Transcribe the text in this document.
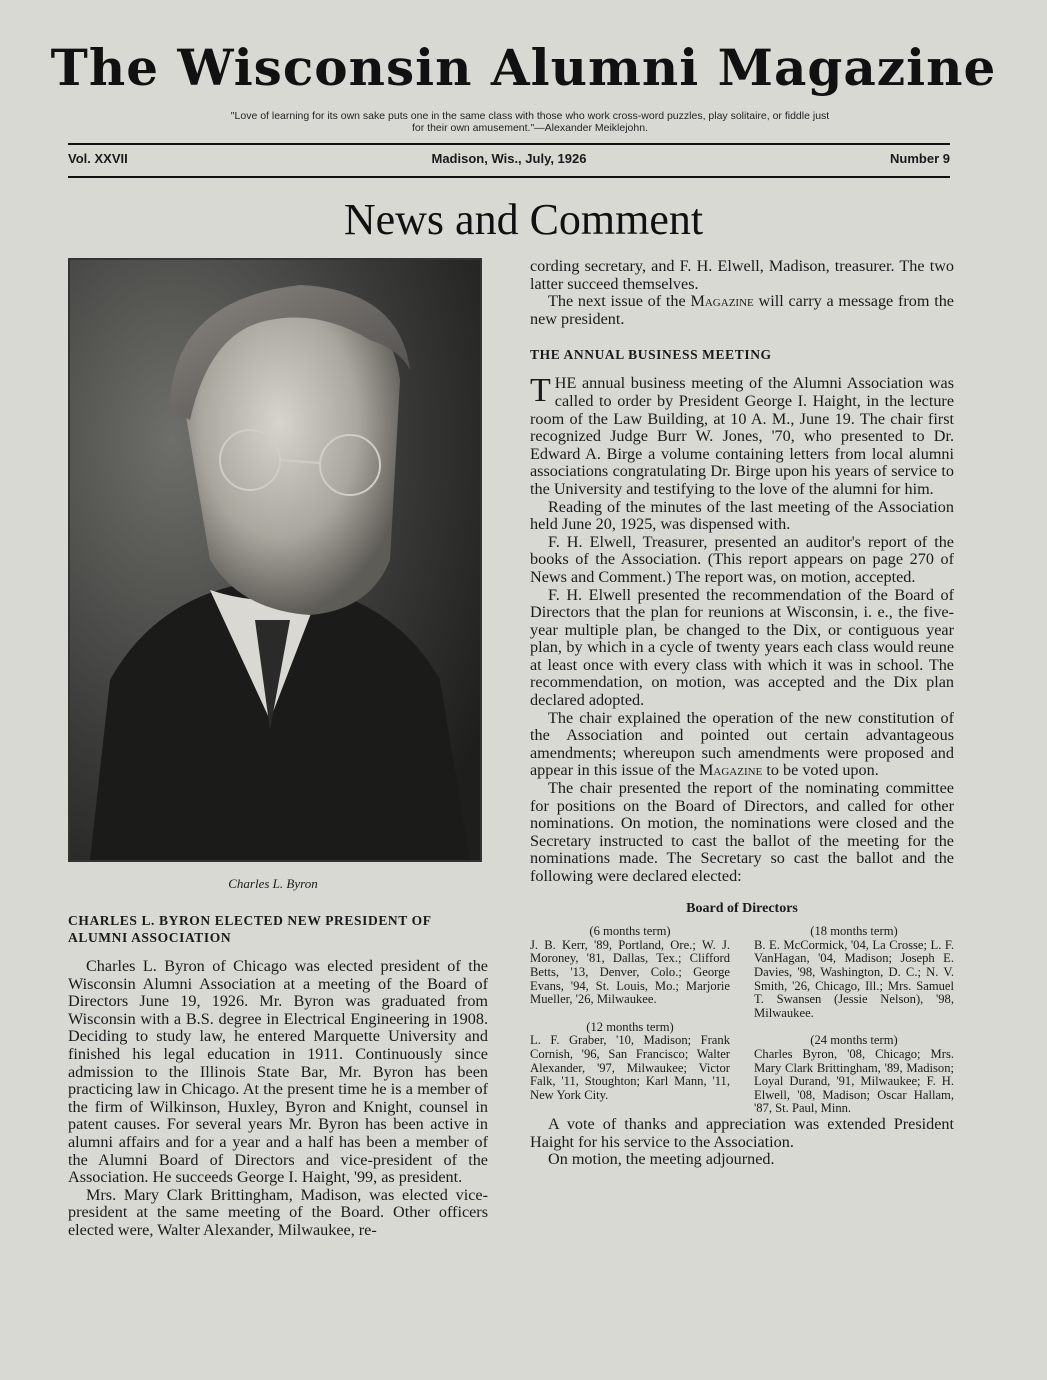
The Wisconsin Alumni Magazine
"Love of learning for its own sake puts one in the same class with those who work cross-word puzzles, play solitaire, or fiddle just for their own amusement."—Alexander Meiklejohn.
Madison, Wis., July, 1926
Vol. XXVII	Number 9
News and Comment
Charles L. Byron
CHARLES L. BYRON ELECTED NEW PRESIDENT OF ALUMNI ASSOCIATION

Charles L. Byron of Chicago was elected president of the Wisconsin Alumni Association at a meeting of the Board of Directors June 19, 1926. Mr. Byron was graduated from Wisconsin with a B.S. degree in Electrical Engineering in 1908. Deciding to study law, he entered Marquette University and finished his legal education in 1911. Continuously since admission to the Illinois State Bar, Mr. Byron has been practicing law in Chicago. At the present time he is a member of the firm of Wilkinson, Huxley, Byron and Knight, counsel in patent causes. For several years Mr. Byron has been active in alumni affairs and for a year and a half has been a member of the Alumni Board of Directors and vice-president of the Association. He succeeds George I. Haight, '99, as president.

Mrs. Mary Clark Brittingham, Madison, was elected vice-president at the same meeting of the Board. Other officers elected were, Walter Alexander, Milwaukee, re-

cording secretary, and F. H. Elwell, Madison, treasurer. The two latter succeed themselves.

The next issue of the Magazine will carry a message from the new president.

THE ANNUAL BUSINESS MEETING

THE annual business meeting of the Alumni Association was called to order by President George I. Haight, in the lecture room of the Law Building, at 10 A. M., June 19. The chair first recognized Judge Burr W. Jones, '70, who presented to Dr. Edward A. Birge a volume containing letters from local alumni associations congratulating Dr. Birge upon his years of service to the University and testifying to the love of the alumni for him.

Reading of the minutes of the last meeting of the Association held June 20, 1925, was dispensed with.

F. H. Elwell, Treasurer, presented an auditor's report of the books of the Association. (This report appears on page 270 of News and Comment.) The report was, on motion, accepted.

F. H. Elwell presented the recommendation of the Board of Directors that the plan for reunions at Wisconsin, i. e., the five-year multiple plan, be changed to the Dix, or contiguous year plan, by which in a cycle of twenty years each class would reune at least once with every class with which it was in school. The recommendation, on motion, was accepted and the Dix plan declared adopted.

The chair explained the operation of the new constitution of the Association and pointed out certain advantageous amendments; whereupon such amendments were proposed and appear in this issue of the Magazine to be voted upon.

The chair presented the report of the nominating committee for positions on the Board of Directors, and called for other nominations. On motion, the nominations were closed and the Secretary instructed to cast the ballot of the meeting for the nominations made. The Secretary so cast the ballot and the following were declared elected:

Board of Directors
(6 months term)
J. B. Kerr, '89, Portland, Ore.; W. J. Moroney, '81, Dallas, Tex.; Clifford Betts, '13, Denver, Colo.; George Evans, '94, St. Louis, Mo.; Marjorie Mueller, '26, Milwaukee.
(12 months term)
L. F. Graber, '10, Madison; Frank Cornish, '96, San Francisco; Walter Alexander, '97, Milwaukee; Victor Falk, '11, Stoughton; Karl Mann, '11, New York City.
(18 months term)
B. E. McCormick, '04, La Crosse; L. F. VanHagan, '04, Madison; Joseph E. Davies, '98, Washington, D. C.; N. V. Smith, '26, Chicago, Ill.; Mrs. Samuel T. Swansen (Jessie Nelson), '98, Milwaukee.
(24 months term)
Charles Byron, '08, Chicago; Mrs. Mary Clark Brittingham, '89, Madison; Loyal Durand, '91, Milwaukee; F. H. Elwell, '08, Madison; Oscar Hallam, '87, St. Paul, Minn.

A vote of thanks and appreciation was extended President Haight for his service to the Association.

On motion, the meeting adjourned.
